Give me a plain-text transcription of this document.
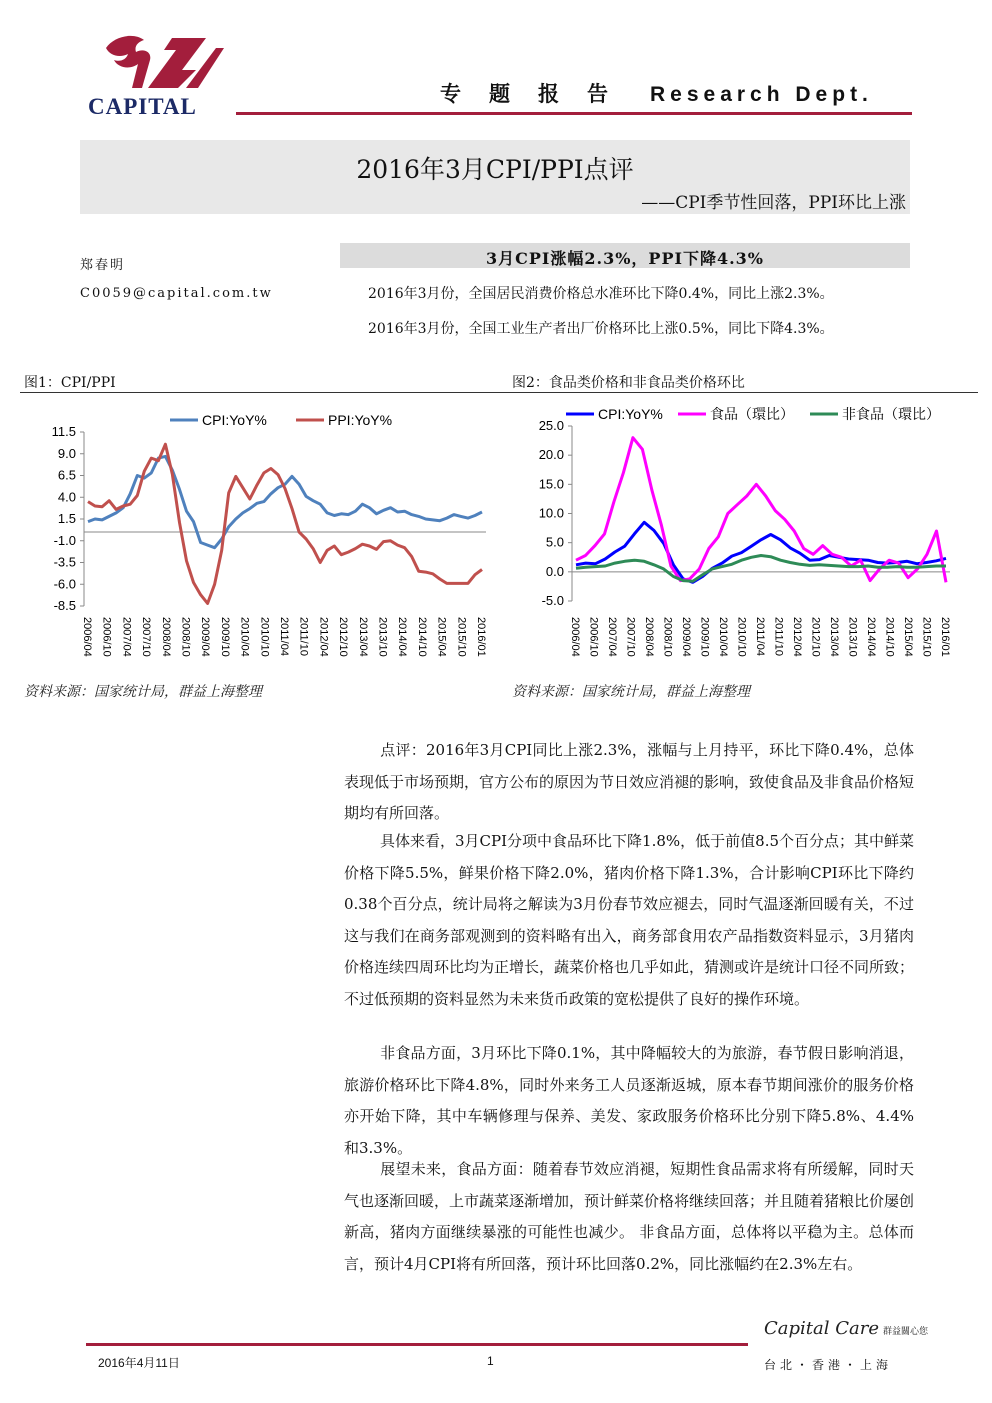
CAPITAL	专题报告 Research Dept.
2016年3月CPI/PPI点评
——CPI季节性回落，PPI环比上涨
郑春明
C0059@capital.com.tw
3月CPI涨幅2.3%，PPI下降4.3%
2016年3月份，全国居民消费价格总水准环比下降0.4%，同比上涨2.3%。
2016年3月份，全国工业生产者出厂价格环比上涨0.5%，同比下降4.3%。
图1：CPI/PPI	图2：食品类价格和非食品类价格环比
11.5
9.0
6.5
4.0
1.5
-1.0
-3.5
-6.0
-8.5
2006/04 2006/10 2007/04 2007/10 2008/04 2008/10 2009/04 2009/10 2010/04 2010/10 2011/04 2011/10 2012/04 2012/10 2013/04 2013/10 2014/04 2014/10 2015/04 2015/10 2016/01
CPI:YoY%	PPI:YoY%	25.0
20.0
15.0
10.0
5.0
0.0
-5.0
2006/04 2006/10 2007/04 2007/10 2008/04 2008/10 2009/04 2009/10 2010/04 2010/10 2011/04 2011/10 2012/04 2012/10 2013/04 2013/10 2014/04 2014/10 2015/04 2015/10 2016/01
CPI:YoY%	食品（環比）	非食品（環比）
资料来源：国家统计局，群益上海整理	资料来源：国家统计局，群益上海整理
点评：2016年3月CPI同比上涨2.3%，涨幅与上月持平，环比下降0.4%，总体表现低于市场预期，官方公布的原因为节日效应消褪的影响，致使食品及非食品价格短期均有所回落。
具体来看，3月CPI分项中食品环比下降1.8%，低于前值8.5个百分点；其中鲜菜价格下降5.5%，鲜果价格下降2.0%，猪肉价格下降1.3%，合计影响CPI环比下降约0.38个百分点，统计局将之解读为3月份春节效应褪去，同时气温逐渐回暖有关，不过这与我们在商务部观测到的资料略有出入，商务部食用农产品指数资料显示，3月猪肉价格连续四周环比均为正增长，蔬菜价格也几乎如此，猜测或许是统计口径不同所致；不过低预期的资料显然为未来货币政策的宽松提供了良好的操作环境。
非食品方面，3月环比下降0.1%，其中降幅较大的为旅游，春节假日影响消退，旅游价格环比下降4.8%，同时外来务工人员逐渐返城，原本春节期间涨价的服务价格亦开始下降，其中车辆修理与保养、美发、家政服务价格环比分别下降5.8%、4.4%和3.3%。
展望未来，食品方面：随着春节效应消褪，短期性食品需求将有所缓解，同时天气也逐渐回暖，上市蔬菜逐渐增加，预计鲜菜价格将继续回落；并且随着猪粮比价屡创新高，猪肉方面继续暴涨的可能性也减少。 非食品方面，总体将以平稳为主。总体而言，预计4月CPI将有所回落，预计环比回落0.2%，同比涨幅约在2.3%左右。
2016年4月11日	1
Capital Care 群益關心您
台北・香港・上海
